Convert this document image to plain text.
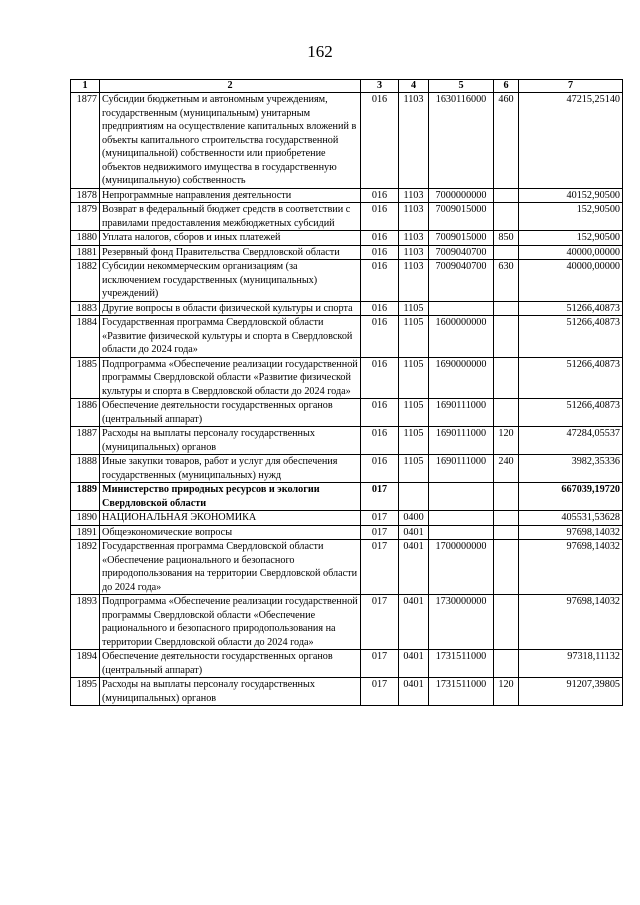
162
1	2	3	4	5	6	7
1877	Субсидии бюджетным и автономным учреждениям, государственным (муниципальным) унитарным предприятиям на осуществление капитальных вложений в объекты капитального строительства государственной (муниципальной) собственности или приобретение объектов недвижимого имущества в государственную (муниципальную) собственность	016	1103	1630116000	460	47215,25140
1878	Непрограммные направления деятельности	016	1103	7000000000		40152,90500
1879	Возврат в федеральный бюджет средств в соответствии с правилами предоставления межбюджетных субсидий	016	1103	7009015000		152,90500
1880	Уплата налогов, сборов и иных платежей	016	1103	7009015000	850	152,90500
1881	Резервный фонд Правительства Свердловской области	016	1103	7009040700		40000,00000
1882	Субсидии некоммерческим организациям (за исключением государственных (муниципальных) учреждений)	016	1103	7009040700	630	40000,00000
1883	Другие вопросы в области физической культуры и спорта	016	1105			51266,40873
1884	Государственная программа Свердловской области «Развитие физической культуры и спорта в Свердловской области до 2024 года»	016	1105	1600000000		51266,40873
1885	Подпрограмма «Обеспечение реализации государственной программы Свердловской области «Развитие физической культуры и спорта в Свердловской области до 2024 года»	016	1105	1690000000		51266,40873
1886	Обеспечение деятельности государственных органов (центральный аппарат)	016	1105	1690111000		51266,40873
1887	Расходы на выплаты персоналу государственных (муниципальных) органов	016	1105	1690111000	120	47284,05537
1888	Иные закупки товаров, работ и услуг для обеспечения государственных (муниципальных) нужд	016	1105	1690111000	240	3982,35336
1889	Министерство природных ресурсов и экологии Свердловской области	017				667039,19720
1890	НАЦИОНАЛЬНАЯ ЭКОНОМИКА	017	0400			405531,53628
1891	Общеэкономические вопросы	017	0401			97698,14032
1892	Государственная программа Свердловской области «Обеспечение рационального и безопасного природопользования на территории Свердловской области до 2024 года»	017	0401	1700000000		97698,14032
1893	Подпрограмма «Обеспечение реализации государственной программы Свердловской области «Обеспечение рационального и безопасного природопользования на территории Свердловской области до 2024 года»	017	0401	1730000000		97698,14032
1894	Обеспечение деятельности государственных органов (центральный аппарат)	017	0401	1731511000		97318,11132
1895	Расходы на выплаты персоналу государственных (муниципальных) органов	017	0401	1731511000	120	91207,39805
